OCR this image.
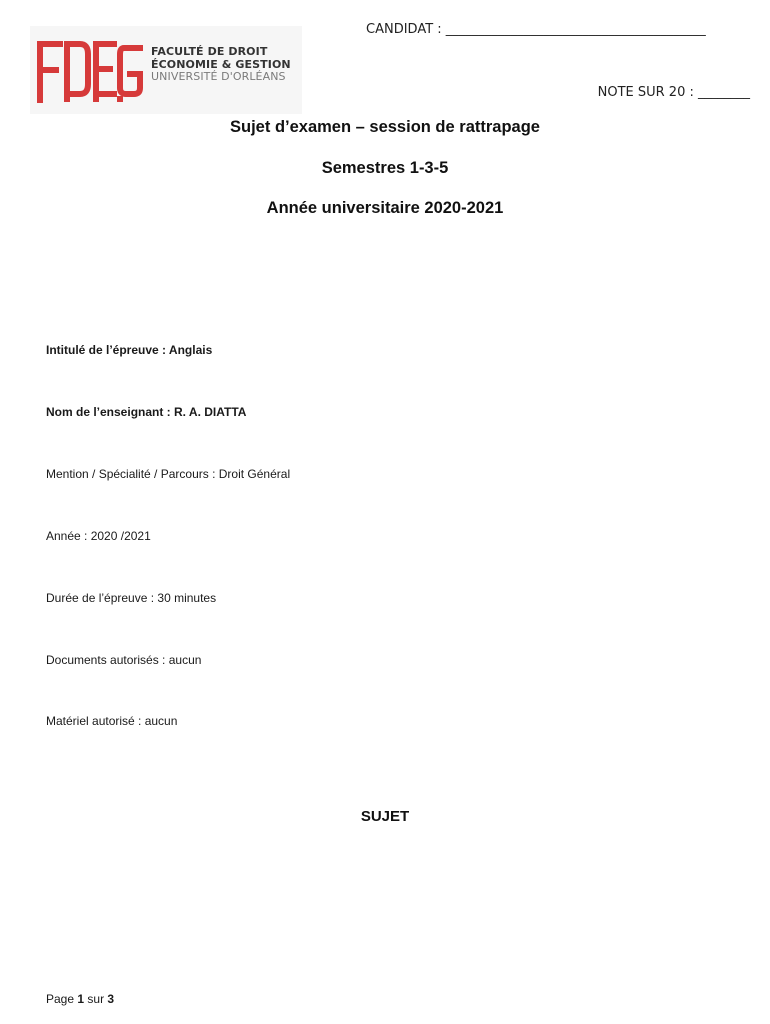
FACULTÉ DE DROIT
ÉCONOMIE & GESTION
UNIVERSITÉ D'ORLÉANS
CANDIDAT : ________________________________________
NOTE SUR 20 : ________
Sujet d’examen – session de rattrapage
Semestres 1-3-5
Année universitaire 2020-2021
Intitulé de l’épreuve : Anglais
Nom de l’enseignant : R. A. DIATTA
Mention / Spécialité / Parcours : Droit Général
Année : 2020 /2021
Durée de l’épreuve : 30 minutes
Documents autorisés : aucun
Matériel autorisé : aucun
SUJET
Page 1 sur 3
